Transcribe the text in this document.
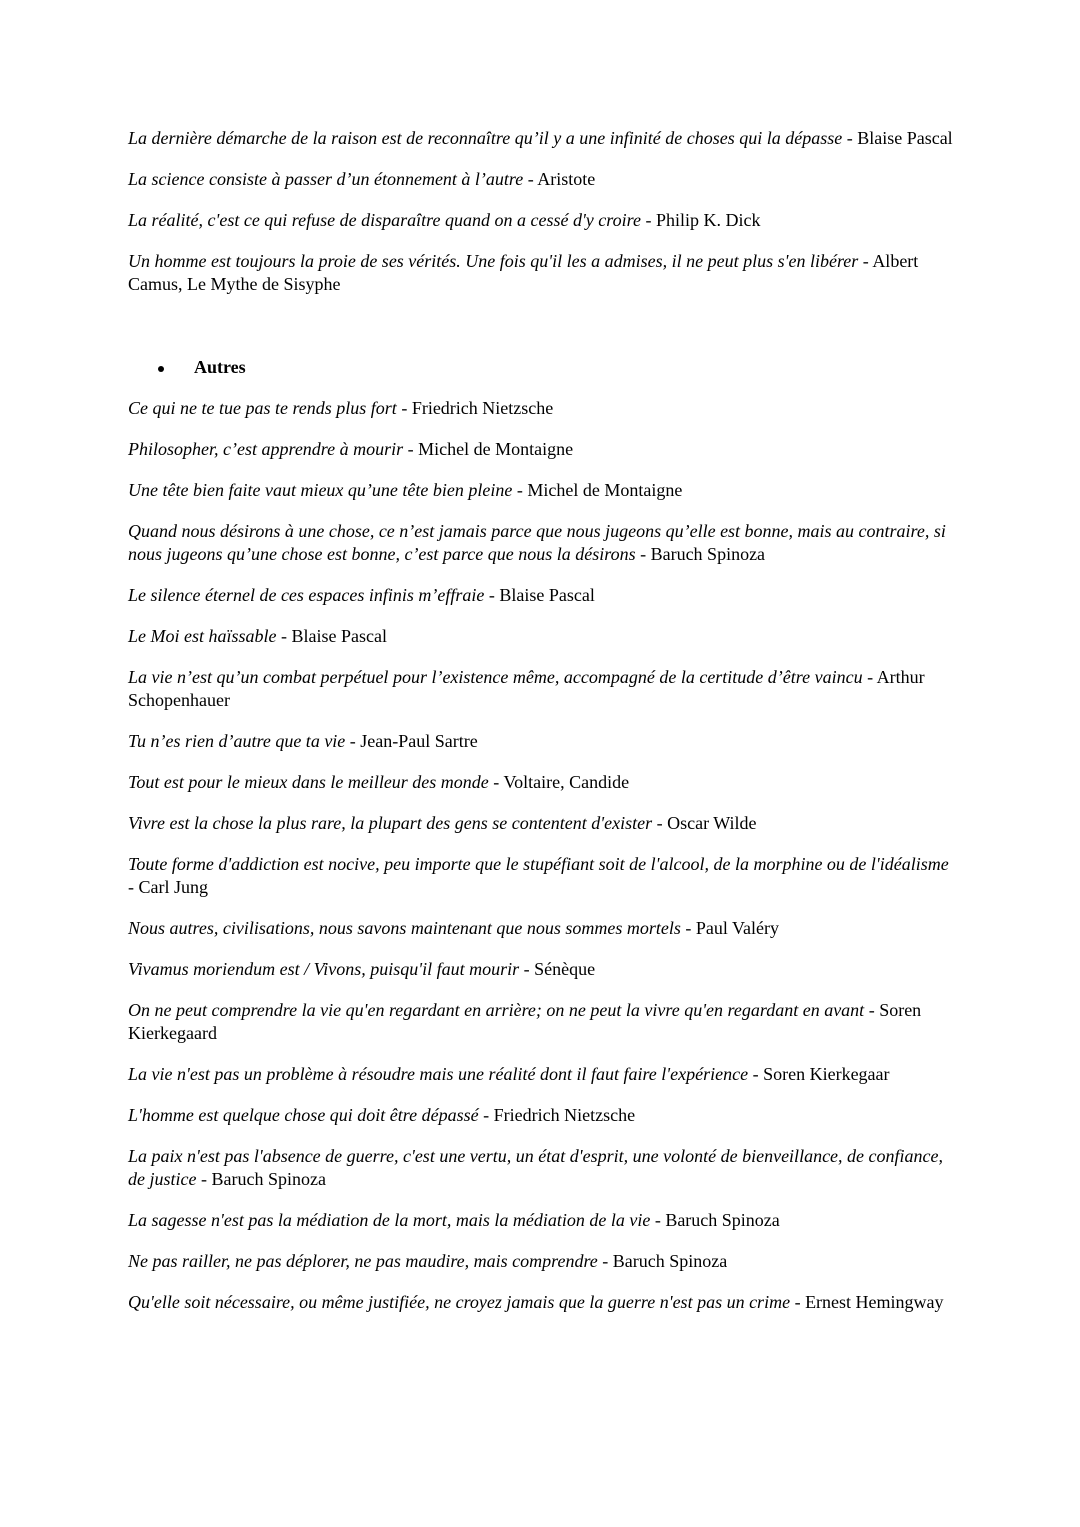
La dernière démarche de la raison est de reconnaître qu’il y a une infinité de choses qui la dépasse - Blaise Pascal

La science consiste à passer d’un étonnement à l’autre - Aristote

La réalité, c'est ce qui refuse de disparaître quand on a cessé d'y croire - Philip K. Dick

Un homme est toujours la proie de ses vérités. Une fois qu'il les a admises, il ne peut plus s'en libérer - Albert Camus, Le Mythe de Sisyphe

Autres

Ce qui ne te tue pas te rends plus fort - Friedrich Nietzsche

Philosopher, c’est apprendre à mourir - Michel de Montaigne

Une tête bien faite vaut mieux qu’une tête bien pleine - Michel de Montaigne

Quand nous désirons à une chose, ce n’est jamais parce que nous jugeons qu’elle est bonne, mais au contraire, si nous jugeons qu’une chose est bonne, c’est parce que nous la désirons - Baruch Spinoza

Le silence éternel de ces espaces infinis m’effraie - Blaise Pascal

Le Moi est haïssable - Blaise Pascal

La vie n’est qu’un combat perpétuel pour l’existence même, accompagné de la certitude d’être vaincu - Arthur Schopenhauer

Tu n’es rien d’autre que ta vie - Jean-Paul Sartre

Tout est pour le mieux dans le meilleur des monde - Voltaire, Candide

Vivre est la chose la plus rare, la plupart des gens se contentent d'exister - Oscar Wilde

Toute forme d'addiction est nocive, peu importe que le stupéfiant soit de l'alcool, de la morphine ou de l'idéalisme - Carl Jung

Nous autres, civilisations, nous savons maintenant que nous sommes mortels - Paul Valéry

Vivamus moriendum est / Vivons, puisqu'il faut mourir - Sénèque

On ne peut comprendre la vie qu'en regardant en arrière; on ne peut la vivre qu'en regardant en avant - Soren Kierkegaard

La vie n'est pas un problème à résoudre mais une réalité dont il faut faire l'expérience - Soren Kierkegaar

L'homme est quelque chose qui doit être dépassé - Friedrich Nietzsche

La paix n'est pas l'absence de guerre, c'est une vertu, un état d'esprit, une volonté de bienveillance, de confiance, de justice - Baruch Spinoza

La sagesse n'est pas la médiation de la mort, mais la médiation de la vie - Baruch Spinoza

Ne pas railler, ne pas déplorer, ne pas maudire, mais comprendre - Baruch Spinoza

Qu'elle soit nécessaire, ou même justifiée, ne croyez jamais que la guerre n'est pas un crime - Ernest Hemingway
